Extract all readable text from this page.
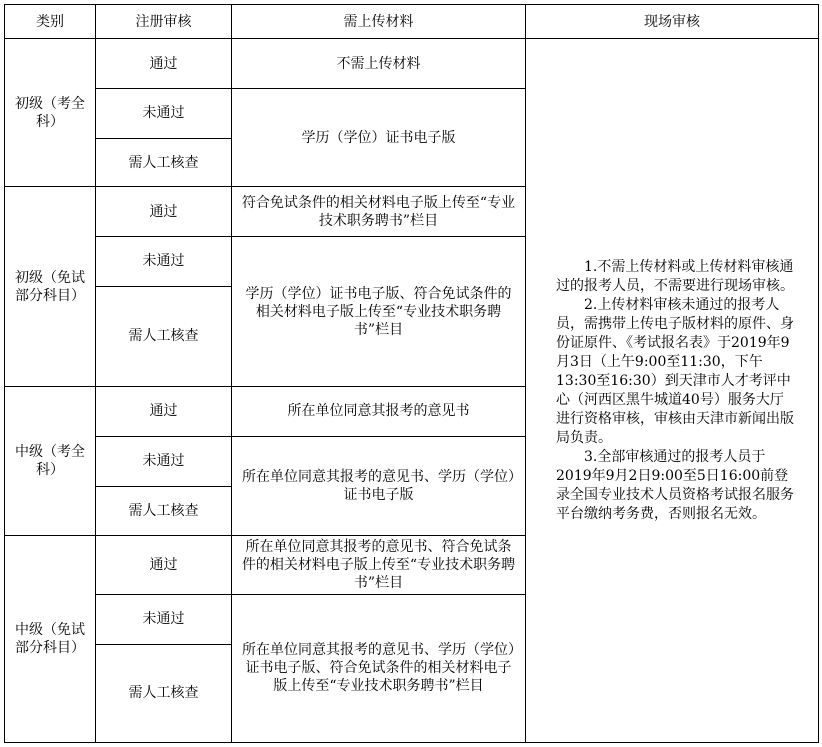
类别	注册审核	需上传材料	现场审核
初级（考全科）	通过	不需上传材料	1.不需上传材料或上传材料审核通过的报考人员，不需要进行现场审核。
2.上传材料审核未通过的报考人员，需携带上传电子版材料的原件、身份证原件、《考试报名表》于2019年9月3日（上午9:00至11:30，下午13:30至16:30）到天津市人才考评中心（河西区黑牛城道40号）服务大厅进行资格审核，审核由天津市新闻出版局负责。
3.全部审核通过的报考人员于2019年9月2日9:00至5日16:00前登录全国专业技术人员资格考试报名服务平台缴纳考务费，否则报名无效。

	未通过	学历（学位）证书电子版	
	需人工核查		
初级（免试部分科目）	通过	符合免试条件的相关材料电子版上传至“专业技术职务聘书”栏目	
	未通过	学历（学位）证书电子版、符合免试条件的相关材料电子版上传至“专业技术职务聘书”栏目	
	需人工核查		
中级（考全科）	通过	所在单位同意其报考的意见书	
	未通过	所在单位同意其报考的意见书、学历（学位）证书电子版	
	需人工核查		
中级（免试部分科目）	通过	所在单位同意其报考的意见书、符合免试条件的相关材料电子版上传至“专业技术职务聘书”栏目	
	未通过	所在单位同意其报考的意见书、学历（学位）证书电子版、符合免试条件的相关材料电子版上传至“专业技术职务聘书”栏目	
	需人工核查		
